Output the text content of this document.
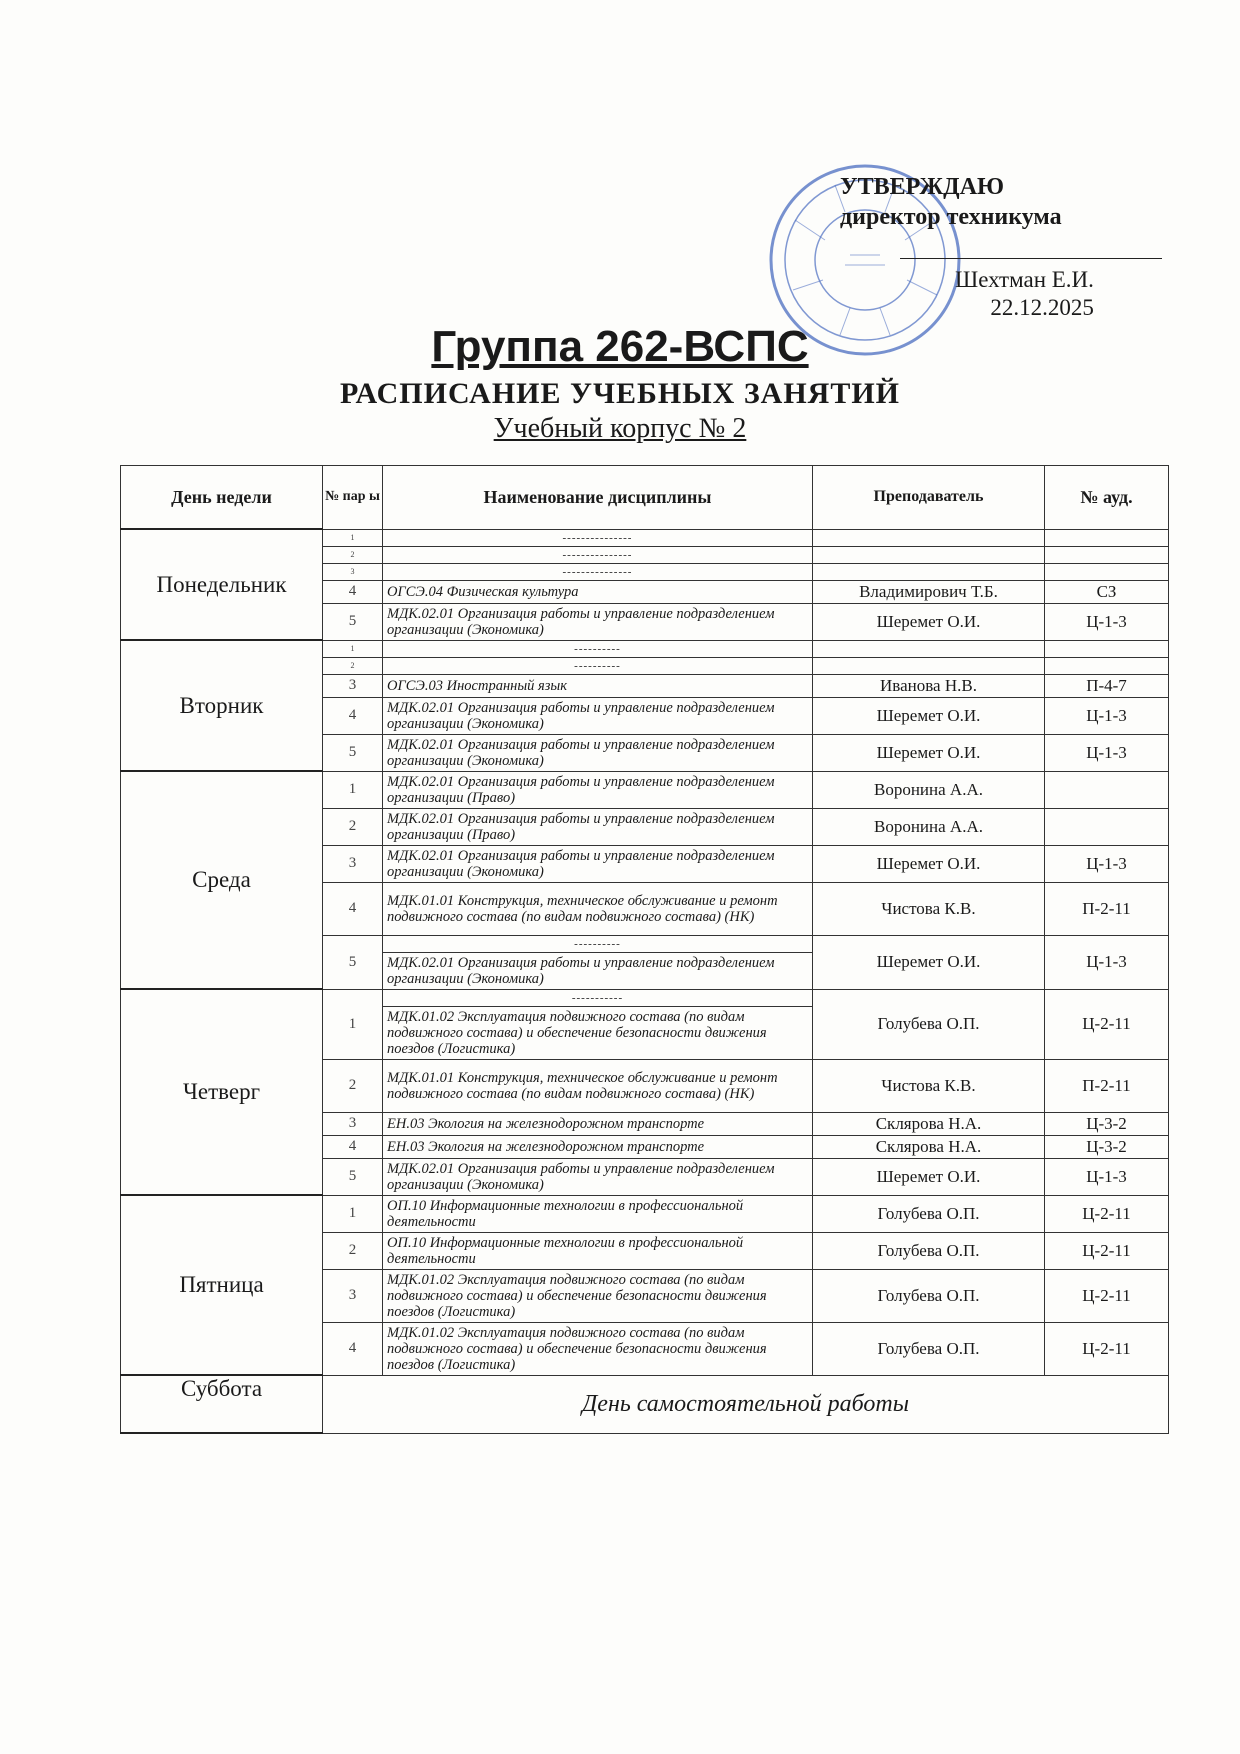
УТВЕРЖДАЮ
директор техникума
Шехтман Е.И.
22.12.2025
Группа 262-ВСПС
РАСПИСАНИЕ УЧЕБНЫХ ЗАНЯТИЙ
Учебный корпус № 2
День недели	№ пар ы	Наименование дисциплины	Преподаватель	№ ауд.
Понедельник	1	---------------		
	2	---------------		
	3	---------------		
	4	ОГСЭ.04 Физическая культура	Владимирович Т.Б.	СЗ
	5	МДК.02.01 Организация работы и управление подразделением организации (Экономика)	Шеремет О.И.	Ц-1-3
Вторник	1	----------		
	2	----------		
	3	ОГСЭ.03 Иностранный язык	Иванова Н.В.	П-4-7
	4	МДК.02.01 Организация работы и управление подразделением организации (Экономика)	Шеремет О.И.	Ц-1-3
	5	МДК.02.01 Организация работы и управление подразделением организации (Экономика)	Шеремет О.И.	Ц-1-3
Среда	1	МДК.02.01 Организация работы и управление подразделением организации (Право)	Воронина А.А.	
	2	МДК.02.01 Организация работы и управление подразделением организации (Право)	Воронина А.А.	
	3	МДК.02.01 Организация работы и управление подразделением организации (Экономика)	Шеремет О.И.	Ц-1-3
	4	МДК.01.01 Конструкция, техническое обслуживание и ремонт подвижного состава (по видам подвижного состава) (НК)	Чистова К.В.	П-2-11
	5	----------	Шеремет О.И.	Ц-1-3
		МДК.02.01 Организация работы и управление подразделением организации (Экономика)		
Четверг	1	-----------	Голубева О.П.	Ц-2-11
		МДК.01.02 Эксплуатация подвижного состава (по видам подвижного состава) и обеспечение безопасности движения поездов (Логистика)		
	2	МДК.01.01 Конструкция, техническое обслуживание и ремонт подвижного состава (по видам подвижного состава) (НК)	Чистова К.В.	П-2-11
	3	ЕН.03 Экология на железнодорожном транспорте	Склярова Н.А.	Ц-3-2
	4	ЕН.03 Экология на железнодорожном транспорте	Склярова Н.А.	Ц-3-2
	5	МДК.02.01 Организация работы и управление подразделением организации (Экономика)	Шеремет О.И.	Ц-1-3
Пятница	1	ОП.10 Информационные технологии в профессиональной деятельности	Голубева О.П.	Ц-2-11
	2	ОП.10 Информационные технологии в профессиональной деятельности	Голубева О.П.	Ц-2-11
	3	МДК.01.02 Эксплуатация подвижного состава (по видам подвижного состава) и обеспечение безопасности движения поездов (Логистика)	Голубева О.П.	Ц-2-11
	4	МДК.01.02 Эксплуатация подвижного состава (по видам подвижного состава) и обеспечение безопасности движения поездов (Логистика)	Голубева О.П.	Ц-2-11
Суббота	День самостоятельной работы			
